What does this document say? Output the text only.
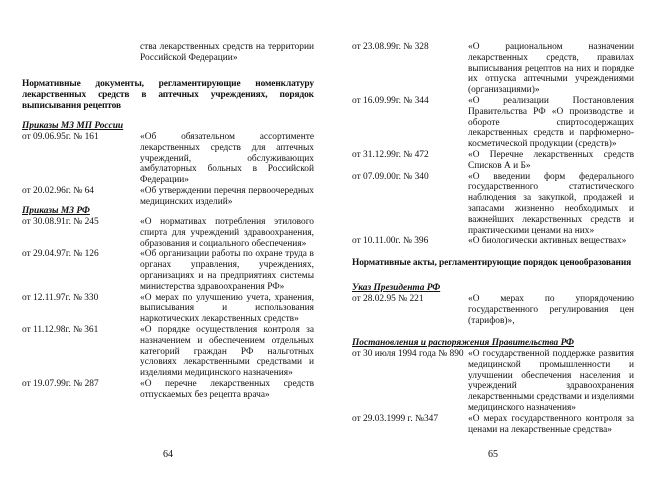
ства лекарственных средств на территории Российской Федерации»
Нормативные документы, регламентирующие номенклатуру лекарственных средств в аптечных учреждениях, порядок выписывания рецептов
Приказы МЗ МП России
от 09.06.95г. № 161	«Об обязательном ассортименте лекарственных средств для аптечных учреждений, обслуживающих амбулаторных больных в Российской Федерации»
от 20.02.96г. № 64	«Об утверждении перечня первоочередных медицинских изделий»
Приказы МЗ РФ
от 30.08.91г. № 245	«О нормативах потребления этилового спирта для учреждений здравоохранения, образования и социального обеспечения»
от 29.04.97г. № 126	«Об организации работы по охране труда в органах управления, учреждениях, организациях и на предприятиях системы министерства здравоохранения РФ»
от 12.11.97г. № 330	«О мерах по улучшению учета, хранения, выписывания и использования наркотических лекарственных средств»
от 11.12.98г. № 361	«О порядке осуществления контроля за назначением и обеспечением отдельных категорий граждан РФ нальготных условиях лекарственными средствами и изделиями медицинского назначения»
от 19.07.99г. № 287	«О перечне лекарственных средств отпускаемых без рецепта врача»
64
от 23.08.99г. № 328	«О рациональном назначении лекарственных средств, правилах выписывания рецептов на них и порядке их отпуска аптечными учреждениями (организациями)»
от 16.09.99г. № 344	«О реализации Постановления Правительства РФ «О производстве и обороте спиртосодержащих лекарственных средств и парфюмерно-косметической продукции (средств)»
от 31.12.99г. № 472	«О Перечне лекарственных средств Списков А и Б»
от 07.09.00г. № 340	«О введении форм федерального государственного статистического наблюдения за закупкой, продажей и запасами жизненно необходимых и важнейших лекарственных средств и практическими ценами на них»
от 10.11.00г. № 396	«О биологически активных веществах»
Нормативные акты, регламентирующие порядок ценообразования
Указ Президента РФ
от 28.02.95 № 221	«О мерах по упорядочению государственного регулирования цен (тарифов)»,
Постановления и распоряжения Правительства РФ
от 30 июля 1994 года № 890 «О государственной поддержке развития медицинской промышленности и улучшении обеспечения населения и учреждений здравоохранения лекарственными средствами и изделиями медицинского назначения»
от 29.03.1999 г. №347	«О мерах государственного контроля за ценами на лекарственные средства»
65
